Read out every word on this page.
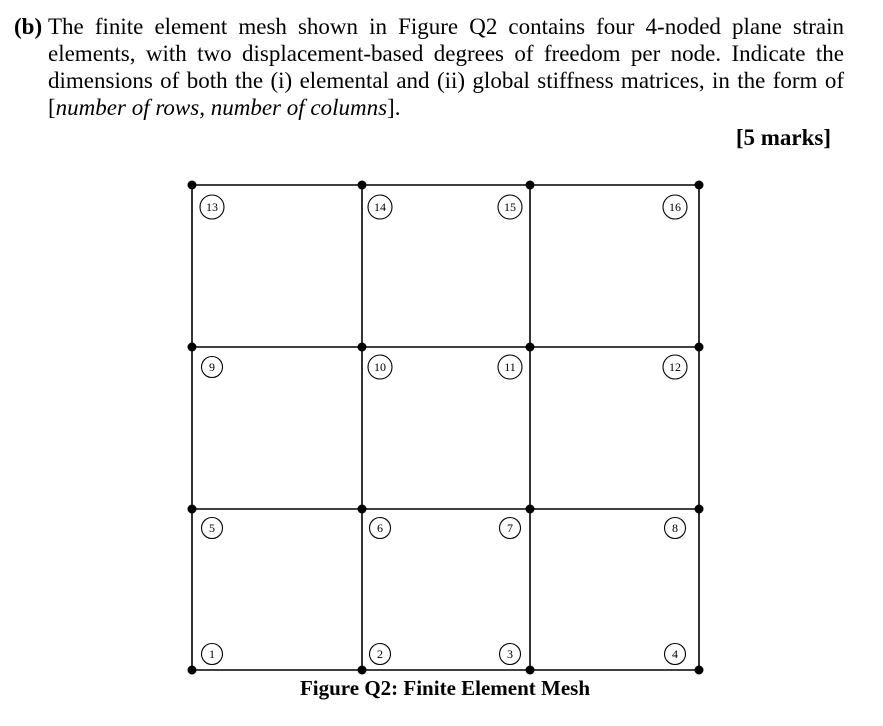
(b) The finite element mesh shown in Figure Q2 contains four 4-noded plane strain elements, with two displacement-based degrees of freedom per node. Indicate the dimensions of both the (i) elemental and (ii) global stiffness matrices, in the form of [number of rows, number of columns].
[5 marks]
1	2	3	4
5	6	7	8
9	10	11	12
13	14	15	16
Figure Q2: Finite Element Mesh
